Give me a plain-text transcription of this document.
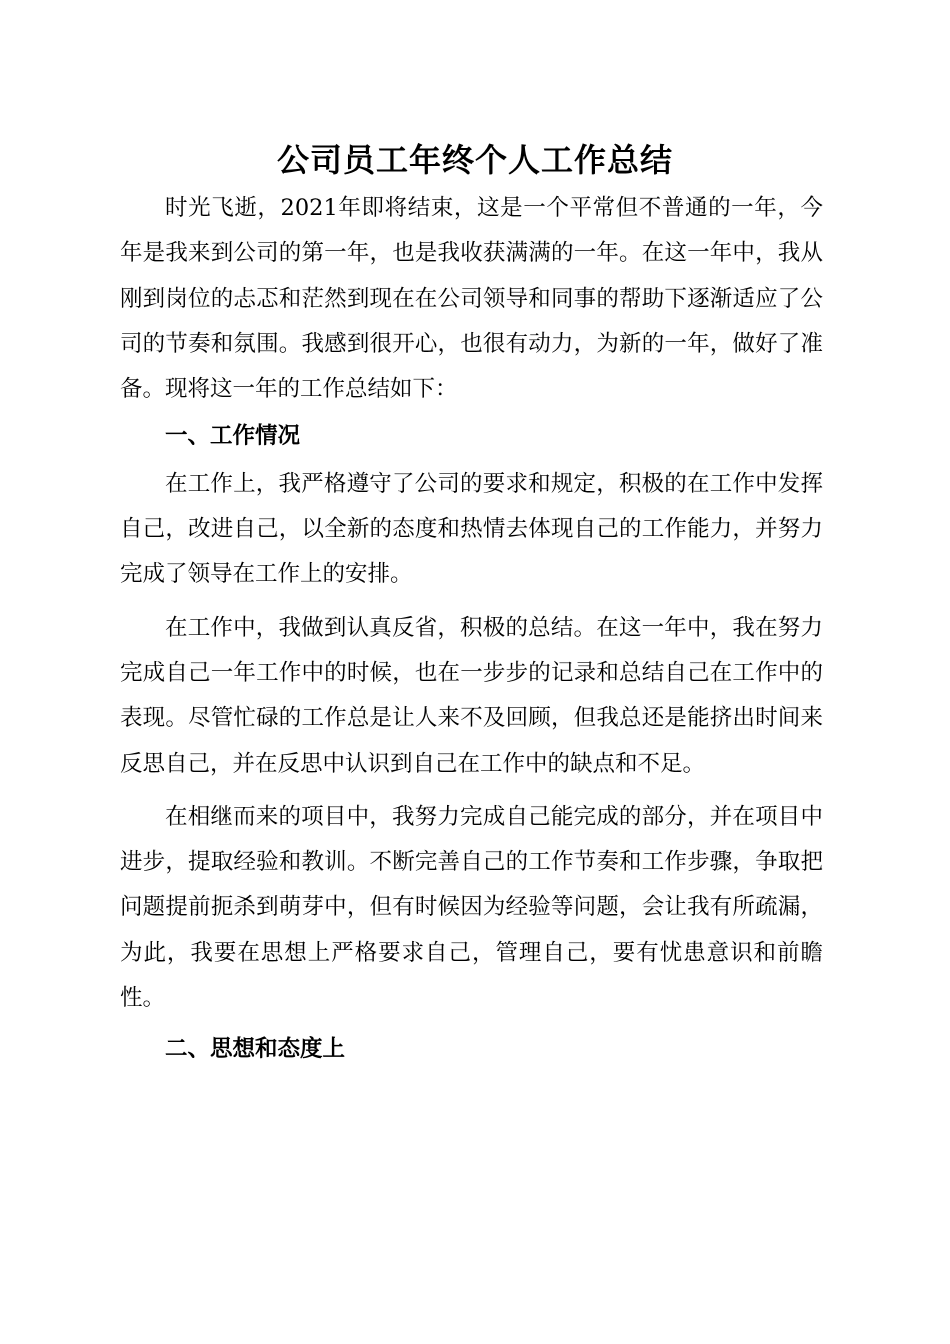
公司员工年终个人工作总结

时光飞逝，2021年即将结束，这是一个平常但不普通的一年，今年是我来到公司的第一年，也是我收获满满的一年。在这一年中，我从刚到岗位的忐忑和茫然到现在在公司领导和同事的帮助下逐渐适应了公司的节奏和氛围。我感到很开心，也很有动力，为新的一年，做好了准备。现将这一年的工作总结如下：

一、工作情况

在工作上，我严格遵守了公司的要求和规定，积极的在工作中发挥自己，改进自己，以全新的态度和热情去体现自己的工作能力，并努力完成了领导在工作上的安排。

在工作中，我做到认真反省，积极的总结。在这一年中，我在努力完成自己一年工作中的时候，也在一步步的记录和总结自己在工作中的表现。尽管忙碌的工作总是让人来不及回顾，但我总还是能挤出时间来反思自己，并在反思中认识到自己在工作中的缺点和不足。

在相继而来的项目中，我努力完成自己能完成的部分，并在项目中进步，提取经验和教训。不断完善自己的工作节奏和工作步骤，争取把问题提前扼杀到萌芽中，但有时候因为经验等问题，会让我有所疏漏，为此，我要在思想上严格要求自己，管理自己，要有忧患意识和前瞻性。

二、思想和态度上
